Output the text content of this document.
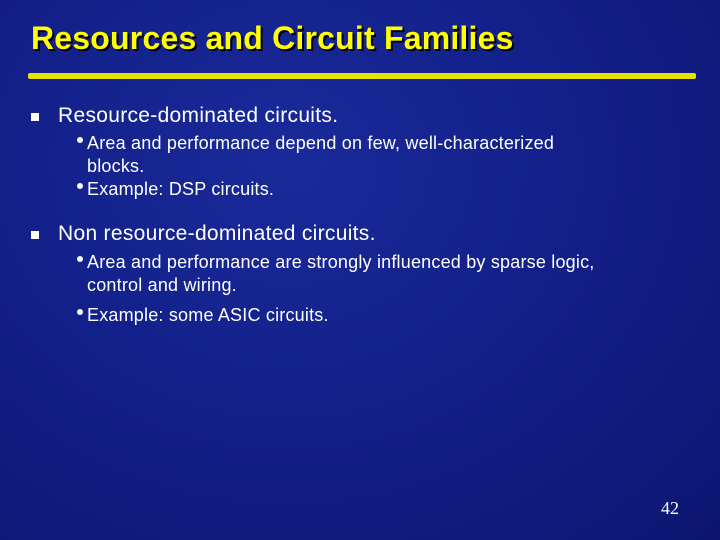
Resources and Circuit Families
Resource-dominated circuits.
Area and performance depend on few, well-characterized
blocks.
Example: DSP circuits.
Non resource-dominated circuits.
Area and performance are strongly influenced by sparse logic,
control and wiring.
Example: some ASIC circuits.
42
